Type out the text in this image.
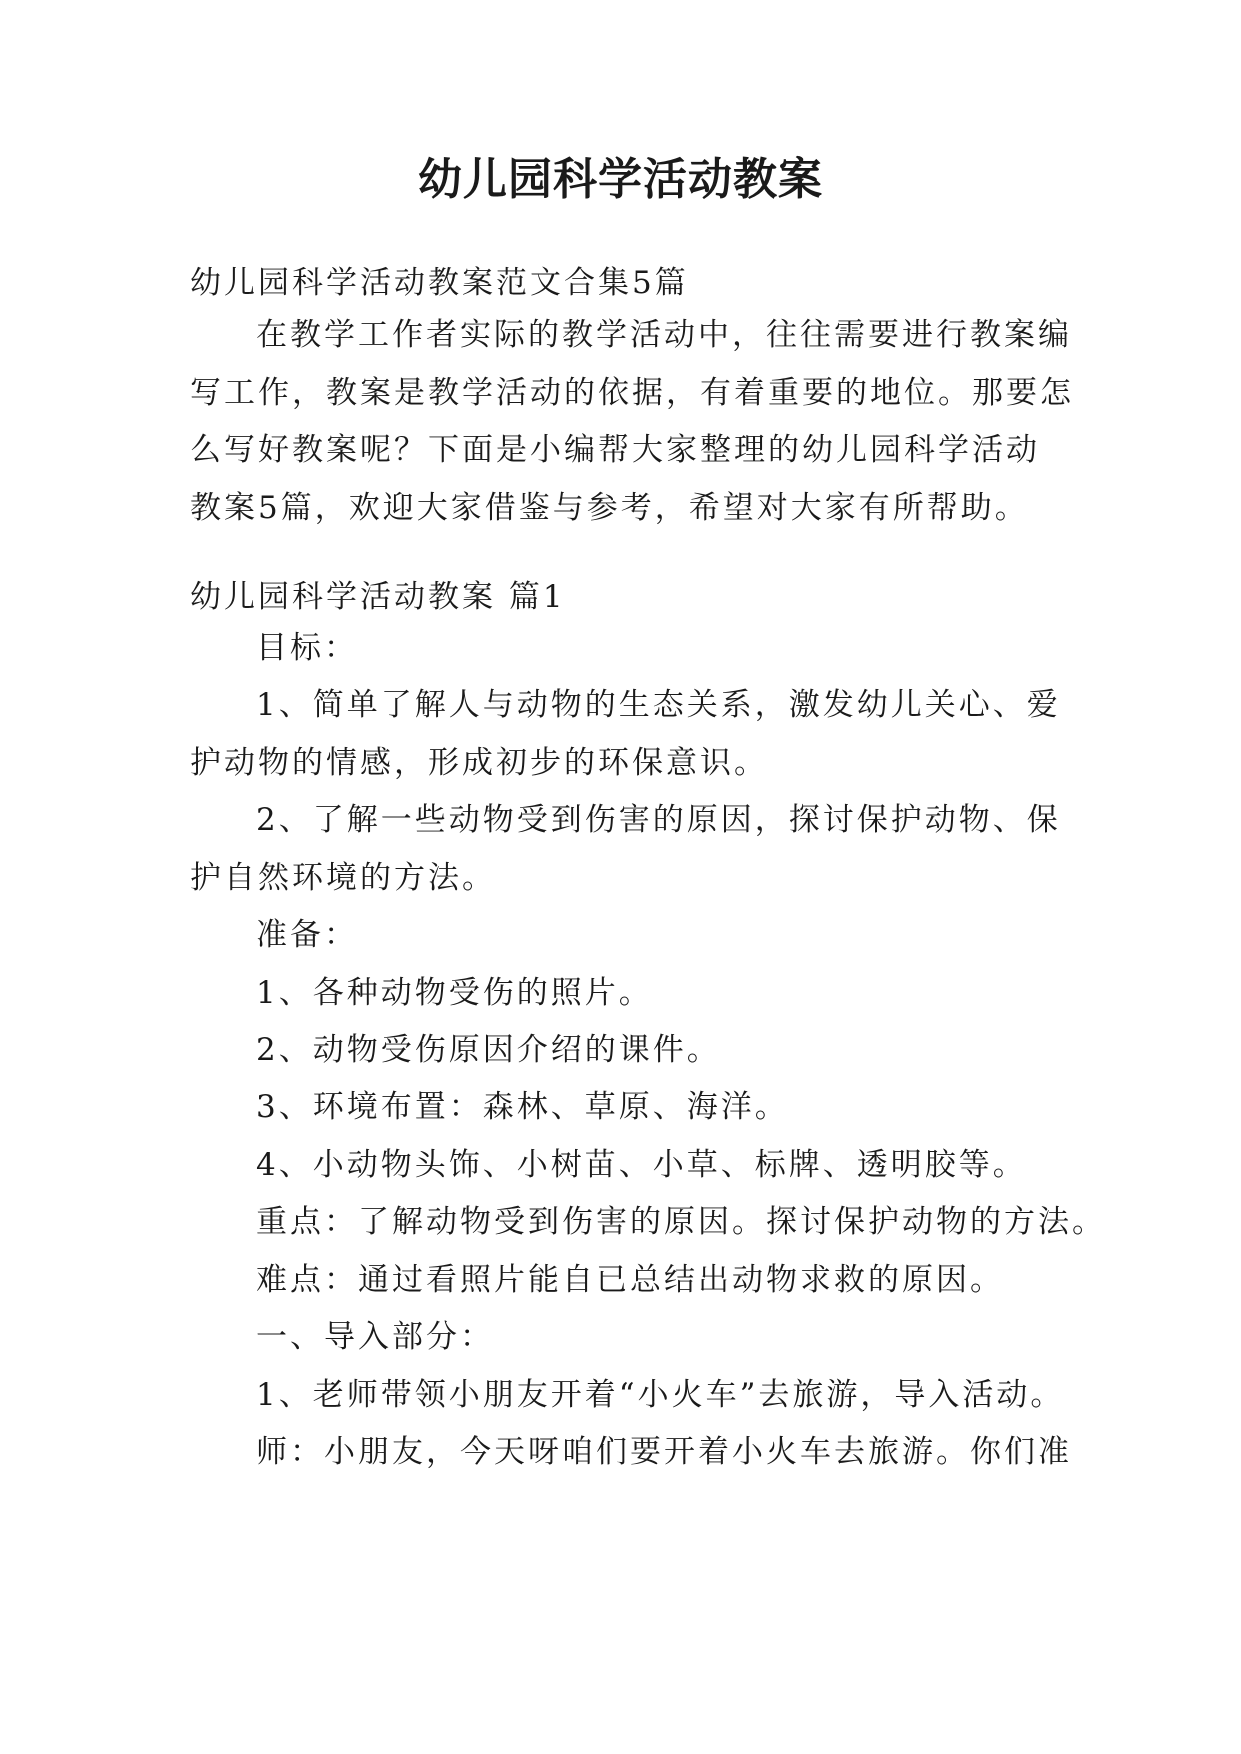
幼儿园科学活动教案
幼儿园科学活动教案范文合集5篇
在教学工作者实际的教学活动中，往往需要进行教案编
写工作，教案是教学活动的依据，有着重要的地位。那要怎
么写好教案呢？下面是小编帮大家整理的幼儿园科学活动
教案5篇，欢迎大家借鉴与参考，希望对大家有所帮助。
幼儿园科学活动教案 篇1
目标：
1、简单了解人与动物的生态关系，激发幼儿关心、爱
护动物的情感，形成初步的环保意识。
2、了解一些动物受到伤害的原因，探讨保护动物、保
护自然环境的方法。
准备：
1、各种动物受伤的照片。
2、动物受伤原因介绍的课件。
3、环境布置：森林、草原、海洋。
4、小动物头饰、小树苗、小草、标牌、透明胶等。
重点：了解动物受到伤害的原因。探讨保护动物的方法。
难点：通过看照片能自已总结出动物求救的原因。
一、导入部分：
1、老师带领小朋友开着“小火车”去旅游，导入活动。
师：小朋友，今天呀咱们要开着小火车去旅游。你们准
